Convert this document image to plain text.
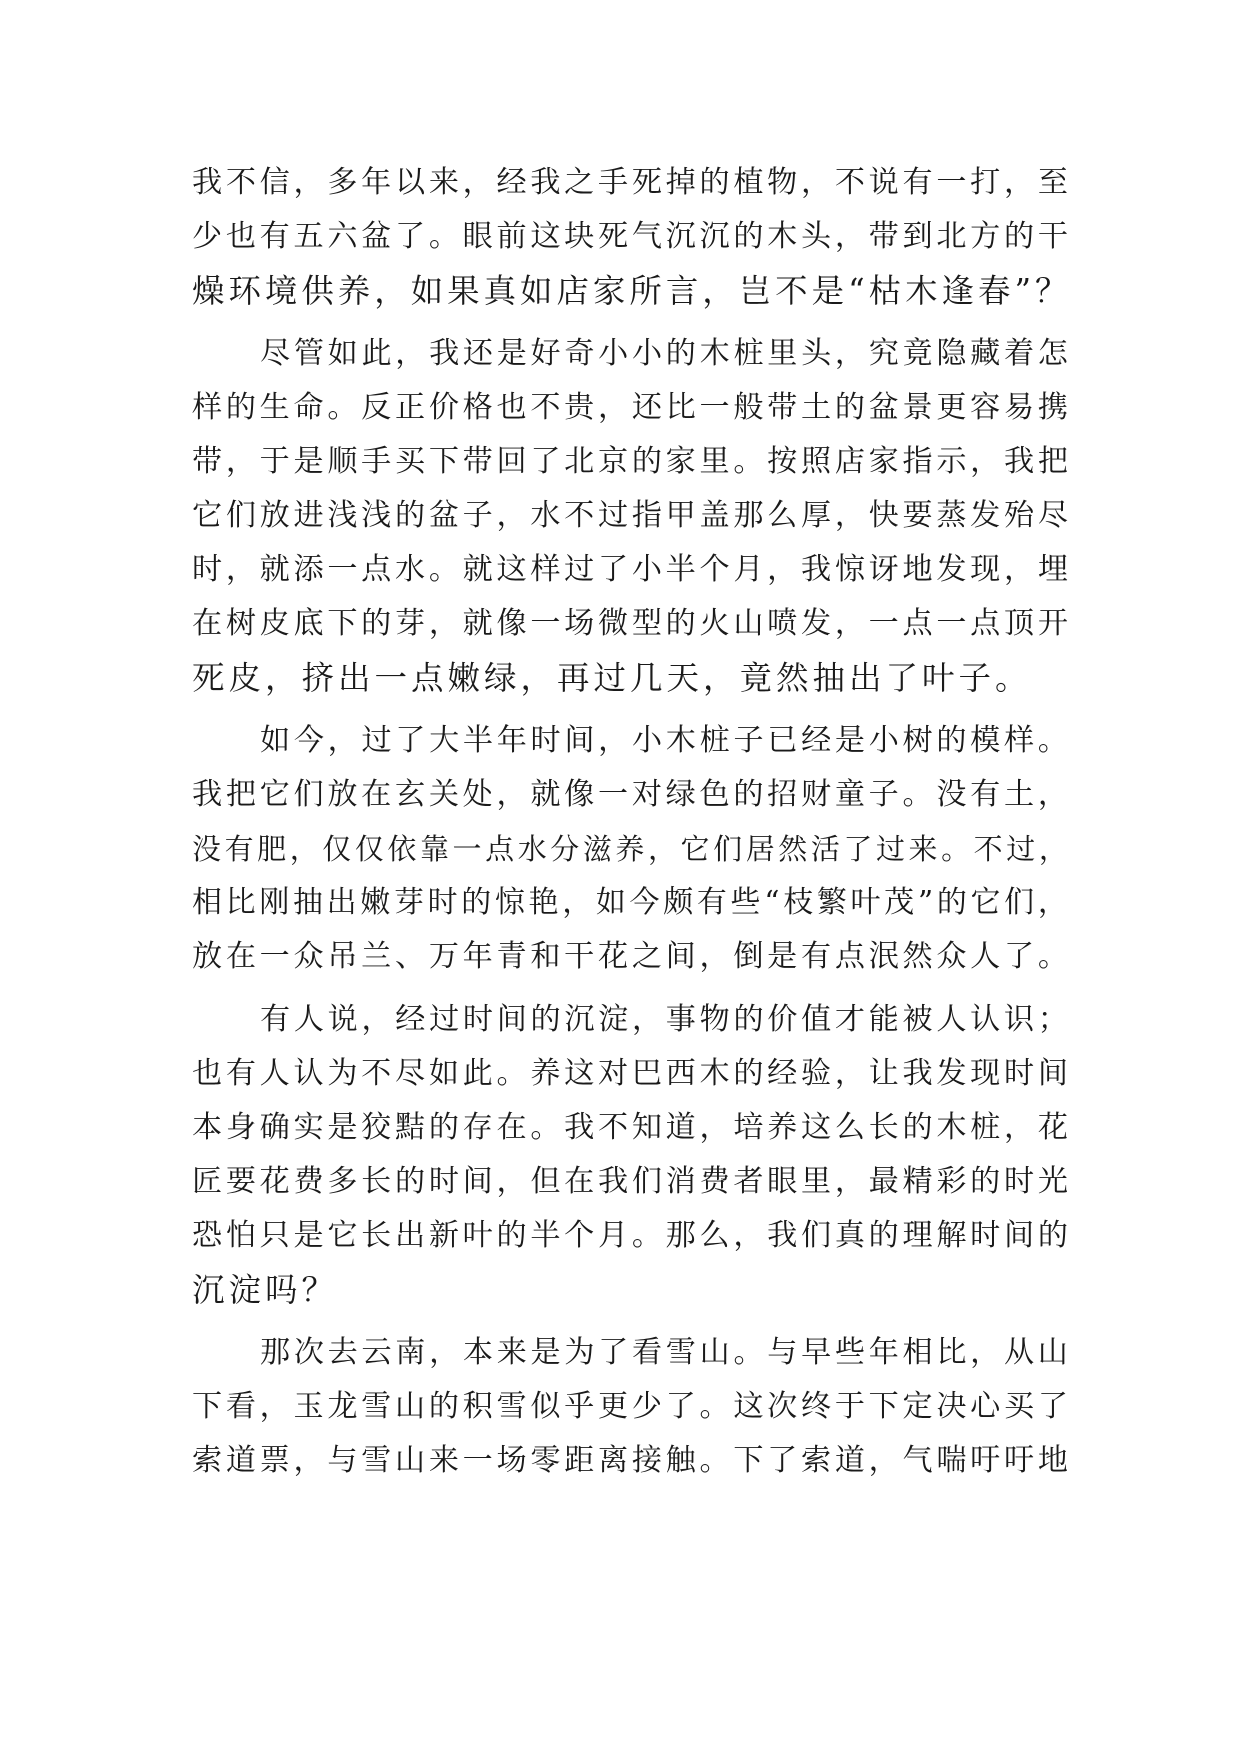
我不信，多年以来，经我之手死掉的植物，不说有一打，至
少也有五六盆了。眼前这块死气沉沉的木头，带到北方的干
燥环境供养，如果真如店家所言，岂不是“枯木逢春”？
尽管如此，我还是好奇小小的木桩里头，究竟隐藏着怎
样的生命。反正价格也不贵，还比一般带土的盆景更容易携
带，于是顺手买下带回了北京的家里。按照店家指示，我把
它们放进浅浅的盆子，水不过指甲盖那么厚，快要蒸发殆尽
时，就添一点水。就这样过了小半个月，我惊讶地发现，埋
在树皮底下的芽，就像一场微型的火山喷发，一点一点顶开
死皮，挤出一点嫩绿，再过几天，竟然抽出了叶子。
如今，过了大半年时间，小木桩子已经是小树的模样。
我把它们放在玄关处，就像一对绿色的招财童子。没有土，
没有肥，仅仅依靠一点水分滋养，它们居然活了过来。不过，
相比刚抽出嫩芽时的惊艳，如今颇有些“枝繁叶茂”的它们，
放在一众吊兰、万年青和干花之间，倒是有点泯然众人了。
有人说，经过时间的沉淀，事物的价值才能被人认识；
也有人认为不尽如此。养这对巴西木的经验，让我发现时间
本身确实是狡黠的存在。我不知道，培养这么长的木桩，花
匠要花费多长的时间，但在我们消费者眼里，最精彩的时光
恐怕只是它长出新叶的半个月。那么，我们真的理解时间的
沉淀吗？
那次去云南，本来是为了看雪山。与早些年相比，从山
下看，玉龙雪山的积雪似乎更少了。这次终于下定决心买了
索道票，与雪山来一场零距离接触。下了索道，气喘吁吁地
